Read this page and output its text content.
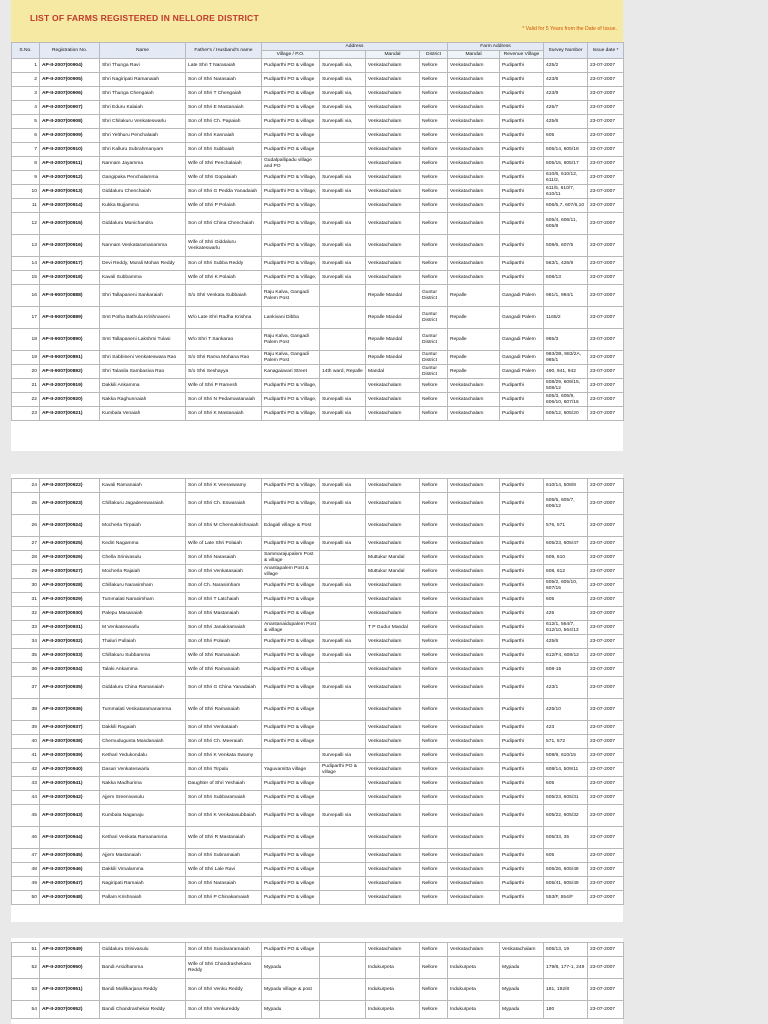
LIST OF FARMS REGISTERED IN NELLORE DISTRICT
* Valid for 5 Years from the Date of Issue.
S.No.	Registration No.	Name	Father's / Husband's name	Address				Farm Address		Survey Number	Issue date *
				Village / P.O.		Mandal	District	Mandal	Revenue Village		
1	AP-II-2007(00904)	Shri Thunga Ravi	Late Shri T Narasaiah	Pudiparthi PO & village	Survepalli via,	Venkatachalam	Nellore	Venkatachalam	Pudiparthi	425/2	23-07-2007
2	AP-II-2007(00905)	Shri Nagiripati Ramanaiah	Son of Shri Narasaiah	Pudiparthi PO & village	Survepalli via,	Venkatachalam	Nellore	Venkatachalam	Pudiparthi	423/6	23-07-2007
3	AP-II-2007(00906)	Shri Thunga Chengaiah	Son of Shri T Chengaiah	Pudiparthi PO & village	Survepalli via,	Venkatachalam	Nellore	Venkatachalam	Pudiparthi	423/9	23-07-2007
4	AP-II-2007(00907)	Shri Eduru Kalaiah	Son of Shri E Mastanaiah	Pudiparthi PO & village	Survepalli via,	Venkatachalam	Nellore	Venkatachalam	Pudiparthi	425/7	23-07-2007
5	AP-II-2007(00908)	Shri Chilakuru Venkateswarlu	Son of Shri Ch. Papaiah	Pudiparthi PO & village	Survepalli via,	Venkatachalam	Nellore	Venkatachalam	Pudiparthi	425/6	23-07-2007
6	AP-II-2007(00909)	Shri Yelthuru Penchalaiah	Son of Shri Kannaiah	Pudiparthi PO & village		Venkatachalam	Nellore	Venkatachalam	Pudiparthi	605	23-07-2007
7	AP-II-2007(00910)	Shri Kalluru Subrahmanyam	Son of Shri Subbaiah	Pudiparthi PO & village		Venkatachalam	Nellore	Venkatachalam	Pudiparthi	605/14, 605/18	23-07-2007
8	AP-II-2007(00911)	Nannam Jayamma	Wife of Shri Penchalaiah	Gudalpallipadu village and PO		Venkatachalam	Nellore	Venkatachalam	Pudiparthi	605/15, 605/17	23-07-2007
9	AP-II-2007(00912)	Gangipaka Penchalamma	Wife of Shri Gopalaiah	Pudiparthi PO & Village,	Survepalli via	Venkatachalam	Nellore	Venkatachalam	Pudiparthi	610/6, 610/12, 611/2,	23-07-2007
10	AP-II-2007(00913)	Giddaluru Chenchaiah	Son of Shri G Pedda Yanadaiah	Pudiparthi PO & Village,	Survepalli via	Venkatachalam	Nellore	Venkatachalam	Pudiparthi	611/5, 610/7, 610/11	23-07-2007
11	AP-II-2007(00914)	Kukka Bujjamma	Wife of Shri P Polaiah	Pudiparthi PO & Village,		Venkatachalam	Nellore	Venkatachalam	Pudiparthi	606/5,7, 607/6,10	23-07-2007
12	AP-II-2007(00915)	Giddaluru Munichandra	Son of Shri China Chenchaiah	Pudiparthi PO & Village,	Survepalli via	Venkatachalam	Nellore	Venkatachalam	Pudiparthi	605/4, 606/11, 605/8	23-07-2007
13	AP-II-2007(00916)	Nannam Venkataramanamma	Wife of Shri Giddaluru Venkateswarlu	Pudiparthi PO & Village,	Survepalli via	Venkatachalam	Nellore	Venkatachalam	Pudiparthi	508/6, 607/5	23-07-2007
14	AP-II-2007(00917)	Devi Reddy, Murali Mohan Reddy	Son of Shri Subba Reddy	Pudiparthi PO & Village,	Survepalli via	Venkatachalam	Nellore	Venkatachalam	Pudiparthi	563/1, 426/9	23-07-2007
15	AP-II-2007(00918)	Kavali Subbamma	Wife of Shri K Polaiah	Pudiparthi PO & Village,	Survepalli via	Venkatachalam	Nellore	Venkatachalam	Pudiparthi	608/13	23-07-2007
16	AP-II-9007(00888)	Shri Tallapaneni Sankaraiah	S/o Shri Venkata Subbaiah	Raju Kalva, Gangadi Palem Post		Repalle Mandal	Guntur District	Repalle	Gangadi Palem	981/1, 984/1	23-07-2007
17	AP-II-9007(00889)	Smt Potha Bathula Krishnaveni	W/o Late Shri Radha Krishna	Lankivani Dibba		Repalle Mandal	Guntur District	Repalle	Gangadi Palem	1165/2	23-07-2007
18	AP-II-9007(00890)	Smt Tallapaneni Lakshmi Tulasi	W/o Shri T Sankarao	Raju Kalva, Gangadi Palem Post		Repalle Mandal	Guntur District	Repalle	Gangadi Palem	985/3	23-07-2007
19	AP-II-9007(00891)	Shri Sabbineni Venkateswara Rao	S/o Shri Rama Mohana Rao	Raju Kalva, Gangadi Palem Post		Repalle Mandal	Guntur District	Repalle	Gangadi Palem	983/2B, 983/2A, 985/1	23-07-2007
20	AP-II-9007(00892)	Shri Talasila Sambasiva Rao	S/o Shri Seshayya	Kanagaiavari Street	14th ward, Repalle	Mandal	Guntur District	Repalle	Gangadi Palem	490, 941, 942	23-07-2007
21	AP-II-2007(00919)	Dakkili Ankamma	Wife of Shri P Ramesh	Pudiparthi PO & Village,		Venkatachalam	Nellore	Venkatachalam	Pudiparthi	608/29, 609/15, 508/12	23-07-2007
22	AP-II-2007(00920)	Nakka Raghunnaiah	Son of Shri N Pedamastanaiah	Pudiparthi PO & Village,	Survepalli via	Venkatachalam	Nellore	Venkatachalam	Pudiparthi	605/3, 605/9, 606/10, 607/16	23-07-2007
23	AP-II-2007(00921)	Kumbala Venaiah	Son of Shri K Mastanaiah	Pudiparthi PO & Village,	Survepalli via	Venkatachalam	Nellore	Venkatachalam	Pudiparthi	605/12, 605/20	23-07-2007
24	AP-II-2007(00922)	Kavali Ramanaiah	Son of Shri K Veeraswamy	Pudiparthi PO & Village,	Survepalli via	Venkatachalam	Nellore	Venkatachalam	Pudiparthi	610/14, 508/8	23-07-2007
25	AP-II-2007(00923)	Chillakuru Jagadeeswaraiah	Son of Shri Ch. Eswaraiah	Pudiparthi PO & Village,	Survepalli via	Venkatachalam	Nellore	Venkatachalam	Pudiparthi	605/5, 605/7, 606/12	23-07-2007
26	AP-II-2007(00924)	Mocherla Tirpaiah	Son of Shri M Chennakrishnaiah	Edagali village & Post		Venkatachalam	Nellore	Venkatachalam	Pudiparthi	576, 571	23-07-2007
27	AP-II-2007(00925)	Kediri Nagamma	Wife of Late Shri Polaiah	Pudiparthi PO & village	Survepalli via	Venkatachalam	Nellore	Venkatachalam	Pudiparthi	605/23, 605/47	23-07-2007
28	AP-II-2007(00926)	Chella Srinivasulu	Son of Shri Narasaiah	Sammarajupalem Post & village		Muttukur Mandal	Nellore	Venkatachalam	Pudiparthi	609, 610	23-07-2007
29	AP-II-2007(00927)	Mocherla Rajaiah	Son of Shri Venkatasaiah	Anantapalem Post & village		Muttukur Mandal	Nellore	Venkatachalam	Pudiparthi	608, 612	23-07-2007
30	AP-II-2007(00928)	Chillakuru Narasimham	Son of Ch. Narasimham	Pudiparthi PO & village	Survepalli via	Venkatachalam	Nellore	Venkatachalam	Pudiparthi	605/2, 605/10, 607/15	23-07-2007
31	AP-II-2007(00929)	Tummalati Narasimham	Son of Shri T Latchaiah	Pudiparthi PO & village		Venkatachalam	Nellore	Venkatachalam	Pudiparthi	605	23-07-2007
32	AP-II-2007(00930)	Palepu Masanaiah	Son of Shri Mastanaiah	Pudiparthi PO & village		Venkatachalam	Nellore	Venkatachalam	Pudiparthi	425	23-07-2007
33	AP-II-2007(00931)	M Venkateswarlu	Son of Shri Janakiramaiah	Anantanaidupalem Post & village		T P Gudur Mandal	Nellore	Venkatachalam	Pudiparthi	612/1, 564/7, 612/10, 564/13	23-07-2007
34	AP-II-2007(00932)	Thaluri Pullaiah	Son of Shri Polaiah	Pudiparthi PO & village	Survepalli via	Venkatachalam	Nellore	Venkatachalam	Pudiparthi	425/6	23-07-2007
35	AP-II-2007(00933)	Chillakuru Subbamma	Wife of Shri Ramanaiah	Pudiparthi PO & village	Survepalli via	Venkatachalam	Nellore	Venkatachalam	Pudiparthi	612/F4, 608/12	23-07-2007
36	AP-II-2007(00934)	Talaki Ankamma	Wife of Shri Ramanaiah	Pudiparthi PO & village		Venkatachalam	Nellore	Venkatachalam	Pudiparthi	608-15	23-07-2007
37	AP-II-2007(00935)	Giddaluru China Ramanaiah	Son of Shri G China Yanadaiah	Pudiparthi PO & village	Survepalli via	Venkatachalam	Nellore	Venkatachalam	Pudiparthi	423/1	23-07-2007
38	AP-II-2007(00936)	Tummalati Venkataramanamma	Wife of Shri Ramanaiah	Pudiparthi PO & village		Venkatachalam	Nellore	Venkatachalam	Pudiparthi	425/10	23-07-2007
39	AP-II-2007(00937)	Dakkili Ragaiah	Son of Shri Venkataiah	Pudiparthi PO & village		Venkatachalam	Nellore	Venkatachalam	Pudiparthi	423	23-07-2007
40	AP-II-2007(00938)	Chemudugunta Masdanaiah	Son of Shri Ch. Meeraiah	Pudiparthi PO & village		Venkatachalam	Nellore	Venkatachalam	Pudiparthi	571, 572	23-07-2007
41	AP-II-2007(00939)	Kethari Yedukondalu	Son of Shri K Venkata Swamy		Survepalli via	Venkatachalam	Nellore	Venkatachalam	Pudiparthi	508/9, 610/15	23-07-2007
42	AP-II-2007(00940)	Dasari Venkateswarlu	Son of Shri Tirpalu	Yaguvamitta village	Pudiparthi PO & village	Venkatachalam	Nellore	Venkatachalam	Pudiparthi	608/14, 509/11	23-07-2007
43	AP-II-2007(00941)	Nakka Madhurima	Daughter of Shri Yeshaiah	Pudiparthi PO & village		Venkatachalam	Nellore	Venkatachalam	Pudiparthi	605	23-07-2007
44	AP-II-2007(00942)	Ajjem Sreenivasulu	Son of Shri Subbaramaiah	Pudiparthi PO & village		Venkatachalam	Nellore	Venkatachalam	Pudiparthi	605/23, 605/31	23-07-2007
45	AP-II-2007(00943)	Kumbala Naganaju	Son of Shri K Venkatasubbaiah	Pudiparthi PO & village	Survepalli via	Venkatachalam	Nellore	Venkatachalam	Pudiparthi	605/22, 605/32	23-07-2007
46	AP-II-2007(00944)	Kethari Venkata Ramanamma	Wife of Shri R Mastanaiah	Pudiparthi PO & village		Venkatachalam	Nellore	Venkatachalam	Pudiparthi	605/33, 35	23-07-2007
47	AP-II-2007(00945)	Ajjem Mastanaiah	Son of Shri Subramaiah	Pudiparthi PO & village		Venkatachalam	Nellore	Venkatachalam	Pudiparthi	605	23-07-2007
48	AP-II-2007(00946)	Dakkili Vimalamma	Wife of Shri Lale Ravi	Pudiparthi PO & village		Venkatachalam	Nellore	Venkatachalam	Pudiparthi	605/26, 605/48	23-07-2007
49	AP-II-2007(00947)	Nagiripati Ramaiah	Son of Shri Narasaiah	Pudiparthi PO & village		Venkatachalam	Nellore	Venkatachalam	Pudiparthi	605/41, 605/49	23-07-2007
50	AP-II-2007(00948)	Pallam Krishnaiah	Son of Shri P Chinakamaiah	Pudiparthi PO & village		Venkatachalam	Nellore	Venkatachalam	Pudiparthi	553/F, 554/F	23-07-2007
51	AP-II-2007(00949)	Giddaluru Srinivasulu	Son of Shri Sundararamaiah	Pudiparthi PO & village		Venkatachalam	Nellore	Venkatachalam	Venkatachalam	605/13, 19	23-07-2007
52	AP-II-2007(00950)	Bandi Arsidhamma	Wife of Shri Chandrashekara Reddy	Mypadu		Indukurpeta	Nellore	Indukurpeta	Mypadu	179/8, 177-1, 249	23-07-2007
53	AP-II-2007(00951)	Bandi Mallikarjana Reddy	Son of Shri Venku Reddy	Mypadu village & post		Indukurpeta	Nellore	Indukurpeta	Mypadu	181, 192/8	23-07-2007
54	AP-II-2007(00952)	Bandi Chandrashekar Reddy	Son of Shri Venkureddy	Mypadu		Indukurpeta	Nellore	Indukurpeta	Mypadu	180	23-07-2007
